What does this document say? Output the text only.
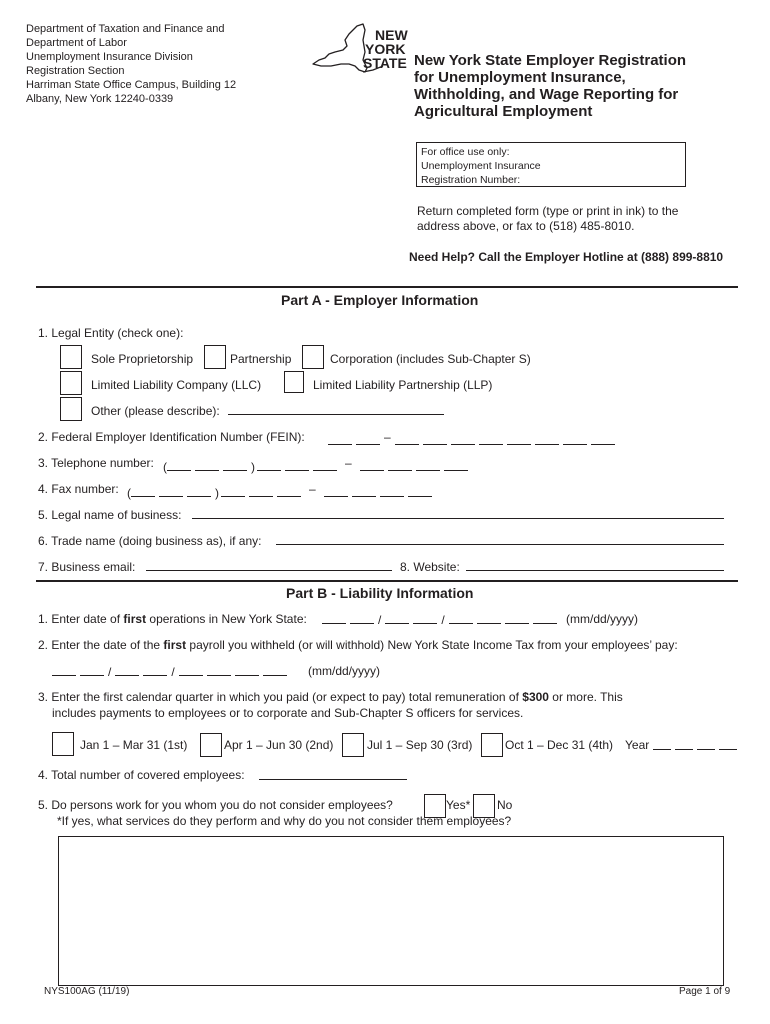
Department of Taxation and Finance and
Department of Labor
Unemployment Insurance Division
Registration Section
Harriman State Office Campus, Building 12
Albany, New York 12240-0339
NEW
YORK
STATE New York State Employer Registration
for Unemployment Insurance,
Withholding, and Wage Reporting for
Agricultural Employment
For office use only:
Unemployment Insurance
Registration Number:
Return completed form (type or print in ink) to the address above, or fax to (518) 485-8010.
Need Help? Call the Employer Hotline at (888) 899-8810
Part A - Employer Information
1. Legal Entity (check one):
Sole Proprietorship	Partnership	Corporation (includes Sub-Chapter S)
Limited Liability Company (LLC)	Limited Liability Partnership (LLP)
Other (please describe):
2. Federal Employer Identification Number (FEIN):	–
3. Telephone number: (	)	–
4. Fax number: (	)	–
5. Legal name of business:
6. Trade name (doing business as), if any:
7. Business email:	8. Website:
Part B - Liability Information
1. Enter date of first operations in New York State:	/	/	(mm/dd/yyyy)
2. Enter the date of the first payroll you withheld (or will withhold) New York State Income Tax from your employees’ pay:
/	/	(mm/dd/yyyy)
3. Enter the first calendar quarter in which you paid (or expect to pay) total remuneration of $300 or more. This
includes payments to employees or to corporate and Sub-Chapter S officers for services.
Jan 1 – Mar 31 (1st)	Apr 1 – Jun 30 (2nd)	Jul 1 – Sep 30 (3rd)	Oct 1 – Dec 31 (4th) Year
4. Total number of covered employees:
5. Do persons work for you whom you do not consider employees?	Yes* No
*If yes, what services do they perform and why do you not consider them employees?
NYS100AG (11/19)	Page 1 of 9
